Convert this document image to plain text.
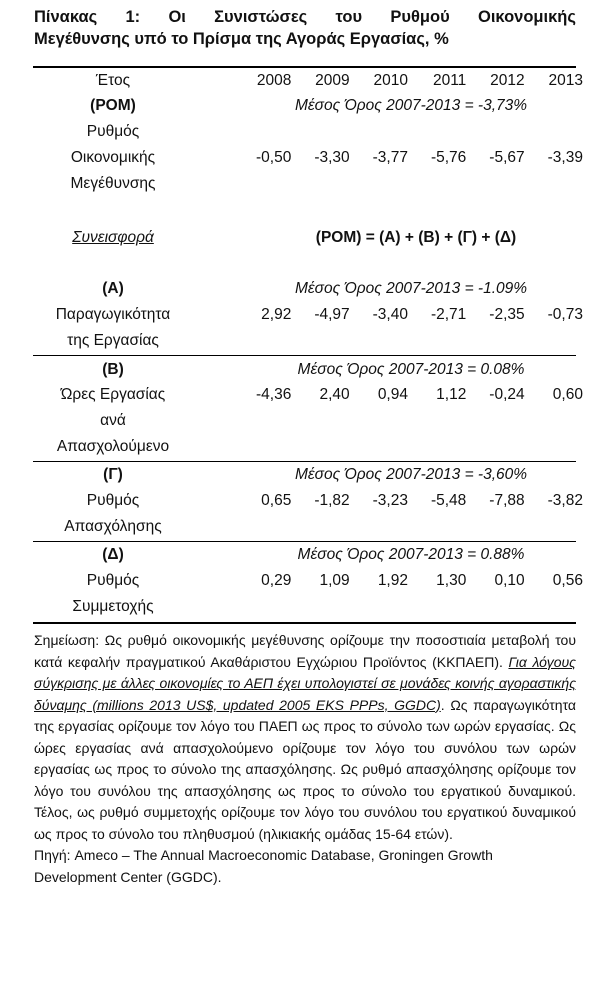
Πίνακας 1: Οι Συνιστώσες του Ρυθμού Οικονομικής
Μεγέθυνσης υπό το Πρίσμα της Αγοράς Εργασίας, %
Έτος	2008	2009	2010	2011	2012	2013
(ΡΟΜ)	Μέσος Όρος 2007-2013 = -3,73%
Ρυθμός
Οικονομικής	-0,50	-3,30	-3,77	-5,76	-5,67	-3,39
Μεγέθυνσης
Συνεισφορά	(ΡΟΜ) = (Α) + (Β) + (Γ) + (Δ)
(Α)	Μέσος Όρος 2007-2013 = -1.09%
Παραγωγικότητα	2,92	-4,97	-3,40	-2,71	-2,35	-0,73
της Εργασίας
(Β)	Μέσος Όρος 2007-2013 = 0.08%
Ώρες Εργασίας	-4,36	2,40	0,94	1,12	-0,24	0,60
ανά
Απασχολούμενο
(Γ)	Μέσος Όρος 2007-2013 = -3,60%
Ρυθμός	0,65	-1,82	-3,23	-5,48	-7,88	-3,82
Απασχόλησης
(Δ)	Μέσος Όρος 2007-2013 = 0.88%
Ρυθμός	0,29	1,09	1,92	1,30	0,10	0,56
Συμμετοχής

Σημείωση: Ως ρυθμό οικονομικής μεγέθυνσης ορίζουμε την ποσοστιαία μεταβολή του κατά κεφαλήν πραγματικού Ακαθάριστου Εγχώριου Προϊόντος (ΚΚΠΑΕΠ). Για λόγους σύγκρισης με άλλες οικονομίες το ΑΕΠ έχει υπολογιστεί σε μονάδες κοινής αγοραστικής δύναμης (millions 2013 US$, updated 2005 EKS PPPs, GGDC). Ως παραγωγικότητα της εργασίας ορίζουμε τον λόγο του ΠΑΕΠ ως προς το σύνολο των ωρών εργασίας. Ως ώρες εργασίας ανά απασχολούμενο ορίζουμε τον λόγο του συνόλου των ωρών εργασίας ως προς το σύνολο της απασχόλησης. Ως ρυθμό απασχόλησης ορίζουμε τον λόγο του συνόλου της απασχόλησης ως προς το σύνολο του εργατικού δυναμικού. Τέλος, ως ρυθμό συμμετοχής ορίζουμε τον λόγο του συνόλου του εργατικού δυναμικού ως προς το σύνολο του πληθυσμού (ηλικιακής ομάδας 15-64 ετών).

Πηγή: Ameco – The Annual Macroeconomic Database, Groningen Growth Development Center (GGDC).
